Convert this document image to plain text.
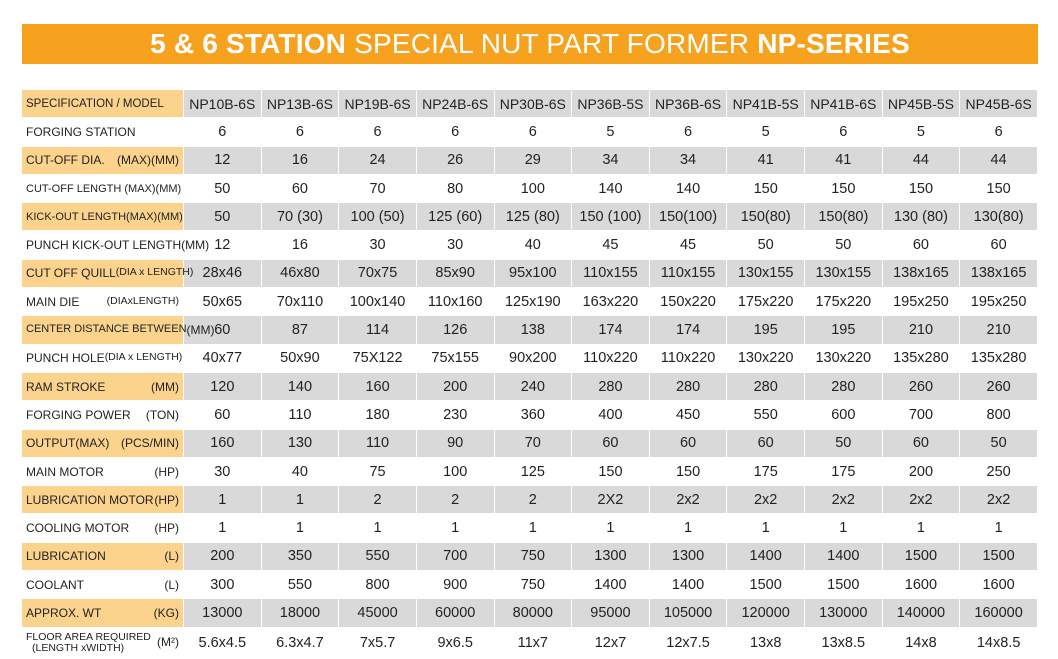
5 & 6 STATION SPECIAL NUT PART FORMER NP-SERIES
SPECIFICATION / MODEL	NP10B-6S	NP13B-6S	NP19B-6S	NP24B-6S	NP30B-6S	NP36B-5S	NP36B-6S	NP41B-5S	NP41B-6S	NP45B-5S	NP45B-6S

FORGING STATION	6	6	6	6	6	5	6	5	6	5	6

CUT-OFF DIA. (MAX)(MM)	12	16	24	26	29	34	34	41	41	44	44

CUT-OFF LENGTH (MAX)(MM)	50	60	70	80	100	140	140	150	150	150	150

KICK-OUT LENGTH(MAX)(MM)	50	70 (30)	100 (50)	125 (60)	125 (80)	150 (100)	150(100)	150(80)	150(80)	130 (80)	130(80)

PUNCH KICK-OUT LENGTH (MM)	12	16	30	30	40	45	45	50	50	60	60

CUT OFF QUILL (DIA x LENGTH)	28x46	46x80	70x75	85x90	95x100	110x155	110x155	130x155	130x155	138x165	138x165

MAIN DIE (DIAxLENGTH)	50x65	70x110	100x140	110x160	125x190	163x220	150x220	175x220	175x220	195x250	195x250

CENTER DISTANCE BETWEEN (MM)	60	87	114	126	138	174	174	195	195	210	210

PUNCH HOLE (DIA x LENGTH)	40x77	50x90	75X122	75x155	90x200	110x220	110x220	130x220	130x220	135x280	135x280

RAM STROKE (MM)	120	140	160	200	240	280	280	280	280	260	260

FORGING POWER (TON)	60	110	180	230	360	400	450	550	600	700	800

OUTPUT(MAX) (PCS/MIN)	160	130	110	90	70	60	60	60	50	60	50

MAIN MOTOR (HP)	30	40	75	100	125	150	150	175	175	200	250

LUBRICATION MOTOR (HP)	1	1	2	2	2	2X2	2x2	2x2	2x2	2x2	2x2

COOLING MOTOR (HP)	1	1	1	1	1	1	1	1	1	1	1

LUBRICATION (L)	200	350	550	700	750	1300	1300	1400	1400	1500	1500

COOLANT (L)	300	550	800	900	750	1400	1400	1500	1500	1600	1600

APPROX. WT (KG)	13000	18000	45000	60000	80000	95000	105000	120000	130000	140000	160000

FLOOR AREA REQUIRED
(LENGTH xWIDTH) (M²)	5.6x4.5	6.3x4.7	7x5.7	9x6.5	11x7	12x7	12x7.5	13x8	13x8.5	14x8	14x8.5
